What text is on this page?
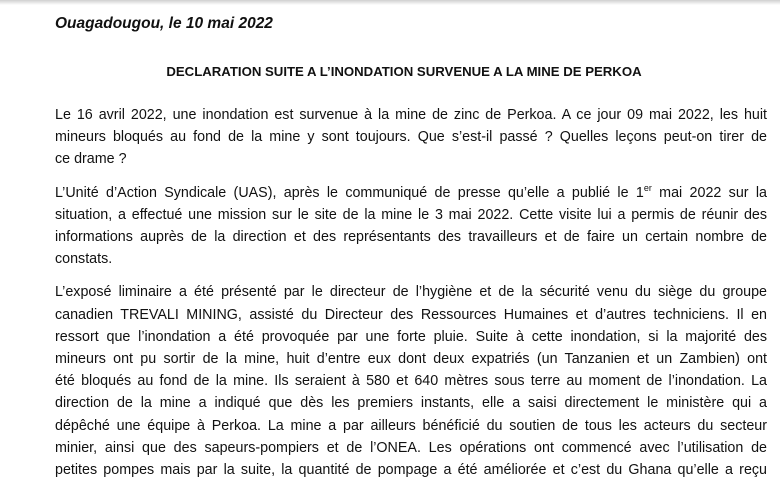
Ouagadougou, le 10 mai 2022
DECLARATION SUITE A L’INONDATION SURVENUE A LA MINE DE PERKOA

Le 16 avril 2022, une inondation est survenue à la mine de zinc de Perkoa. A ce jour 09 mai 2022, les huit
mineurs bloqués au fond de la mine y sont toujours. Que s’est-il passé ? Quelles leçons peut-on tirer de
ce drame ?

L’Unité d’Action Syndicale (UAS), après le communiqué de presse qu’elle a publié le 1er mai 2022 sur la
situation, a effectué une mission sur le site de la mine le 3 mai 2022. Cette visite lui a permis de réunir des
informations auprès de la direction et des représentants des travailleurs et de faire un certain nombre de
constats.

L’exposé liminaire a été présenté par le directeur de l’hygiène et de la sécurité venu du siège du groupe
canadien TREVALI MINING, assisté du Directeur des Ressources Humaines et d’autres techniciens. Il en
ressort que l’inondation a été provoquée par une forte pluie. Suite à cette inondation, si la majorité des
mineurs ont pu sortir de la mine, huit d’entre eux dont deux expatriés (un Tanzanien et un Zambien) ont
été bloqués au fond de la mine. Ils seraient à 580 et 640 mètres sous terre au moment de l’inondation. La
direction de la mine a indiqué que dès les premiers instants, elle a saisi directement le ministère qui a
dépêché une équipe à Perkoa. La mine a par ailleurs bénéficié du soutien de tous les acteurs du secteur
minier, ainsi que des sapeurs-pompiers et de l’ONEA. Les opérations ont commencé avec l’utilisation de
petites pompes mais par la suite, la quantité de pompage a été améliorée et c’est du Ghana qu’elle a reçu
